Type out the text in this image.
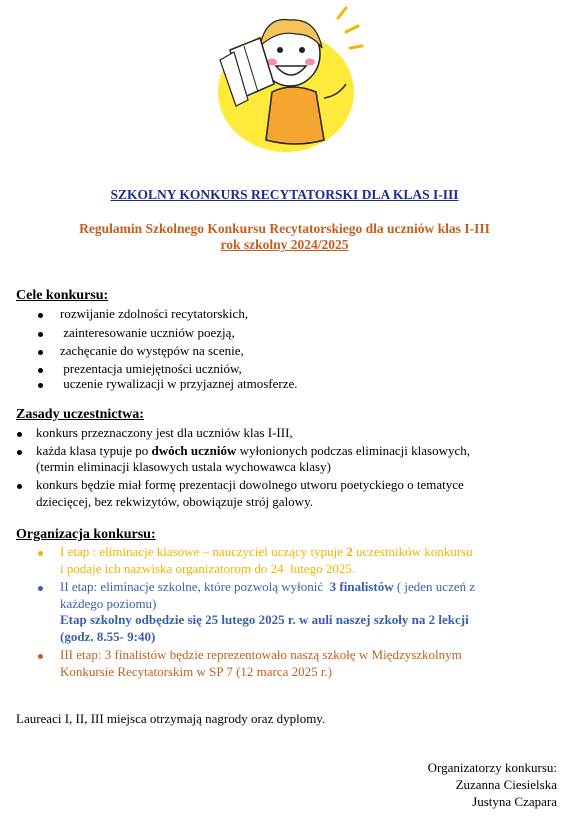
SZKOLNY KONKURS RECYTATORSKI DLA KLAS I-III
Regulamin Szkolnego Konkursu Recytatorskiego dla uczniów klas I-III
rok szkolny 2024/2025
Cele konkursu:
rozwijanie zdolności recytatorskich,
zainteresowanie uczniów poezją,
zachęcanie do występów na scenie,
prezentacja umiejętności uczniów,
uczenie rywalizacji w przyjaznej atmosferze.
Zasady uczestnictwa:
konkurs przeznaczony jest dla uczniów klas I-III,
każda klasa typuje po dwóch uczniów wyłonionych podczas eliminacji klasowych,
(termin eliminacji klasowych ustala wychowawca klasy)
konkurs będzie miał formę prezentacji dowolnego utworu poetyckiego o tematyce
dziecięcej, bez rekwizytów, obowiązuje strój galowy.
Organizacja konkursu:
I etap : eliminacje klasowe – nauczyciel uczący typuje 2 uczestników konkursu
i podaje ich nazwiska organizatorom do 24  lutego 2025.
II etap: eliminacje szkolne, które pozwolą wyłonić  3 finalistów ( jeden uczeń z
każdego poziomu)
Etap szkolny odbędzie się 25 lutego 2025 r. w auli naszej szkoły na 2 lekcji
(godz. 8.55- 9:40)
III etap: 3 finalistów będzie reprezentowało naszą szkołę w Międzyszkolnym
Konkursie Recytatorskim w SP 7 (12 marca 2025 r.)
Laureaci I, II, III miejsca otrzymają nagrody oraz dyplomy.
Organizatorzy konkursu:
Zuzanna Ciesielska
Justyna Czapara
